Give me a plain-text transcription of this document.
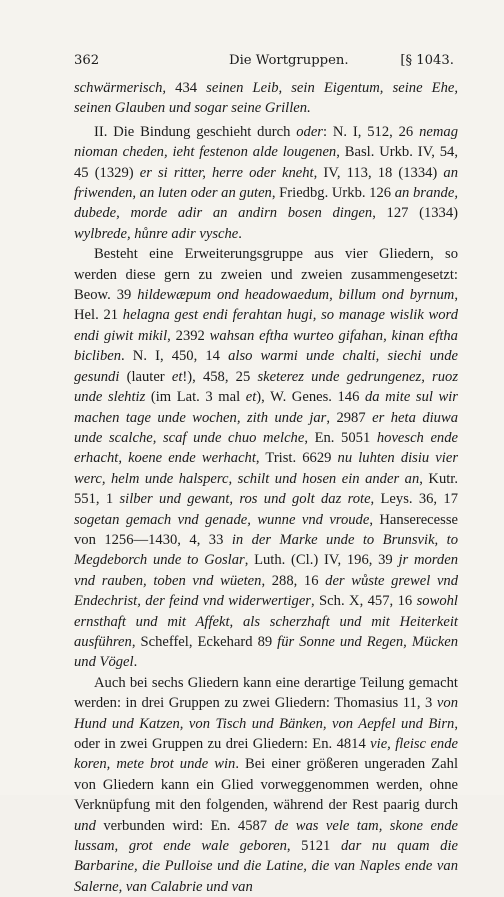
362	Die Wortgruppen.	[§ 1043.

schwärmerisch, 434 seinen Leib, sein Eigentum, seine Ehe, seinen Glauben und sogar seine Grillen.

II. Die Bindung geschieht durch oder: N. I, 512, 26 nemag nioman cheden, ieht festenon alde lougenen, Basl. Urkb. IV, 54, 45 (1329) er si ritter, herre oder kneht, IV, 113, 18 (1334) an friwenden, an luten oder an guten, Friedbg. Urkb. 126 an brande, dubede, morde adir an andirn bosen dingen, 127 (1334) wylbrede, hůnre adir vysche.

Besteht eine Erweiterungsgruppe aus vier Gliedern, so werden diese gern zu zweien und zweien zusammengesetzt: Beow. 39 hildewæpum ond headowaedum, billum ond byrnum, Hel. 21 helagna gest endi ferahtan hugi, so manage wislik word endi giwit mikil, 2392 wahsan eftha wurteo gifahan, kinan eftha bicliben. N. I, 450, 14 also warmi unde chalti, siechi unde gesundi (lauter et!), 458, 25 sketerez unde gedrungenez, ruoz unde slehtiz (im Lat. 3 mal et), W. Genes. 146 da mite sul wir machen tage unde wochen, zith unde jar, 2987 er heta diuwa unde scalche, scaf unde chuo melche, En. 5051 hovesch ende erhacht, koene ende werhacht, Trist. 6629 nu luhten disiu vier werc, helm unde halsperc, schilt und hosen ein ander an, Kutr. 551, 1 silber und gewant, ros und golt daz rote, Leys. 36, 17 sogetan gemach vnd genade, wunne vnd vroude, Hanserecesse von 1256—1430, 4, 33 in der Marke unde to Brunsvik, to Megdeborch unde to Goslar, Luth. (Cl.) IV, 196, 39 jr morden vnd rauben, toben vnd wüeten, 288, 16 der wůste grewel vnd Endechrist, der feind vnd widerwertiger, Sch. X, 457, 16 sowohl ernsthaft und mit Affekt, als scherzhaft und mit Heiterkeit ausführen, Scheffel, Eckehard 89 für Sonne und Regen, Mücken und Vögel.

Auch bei sechs Gliedern kann eine derartige Teilung gemacht werden: in drei Gruppen zu zwei Gliedern: Thomasius 11, 3 von Hund und Katzen, von Tisch und Bänken, von Aepfel und Birn, oder in zwei Gruppen zu drei Gliedern: En. 4814 vie, fleisc ende koren, mete brot unde win. Bei einer größeren ungeraden Zahl von Gliedern kann ein Glied vorweggenommen werden, ohne Verknüpfung mit den folgenden, während der Rest paarig durch und verbunden wird: En. 4587 de was vele tam, skone ende lussam, grot ende wale geboren, 5121 dar nu quam die Barbarine, die Pulloise und die Latine, die van Naples ende van Salerne, van Calabrie und van
